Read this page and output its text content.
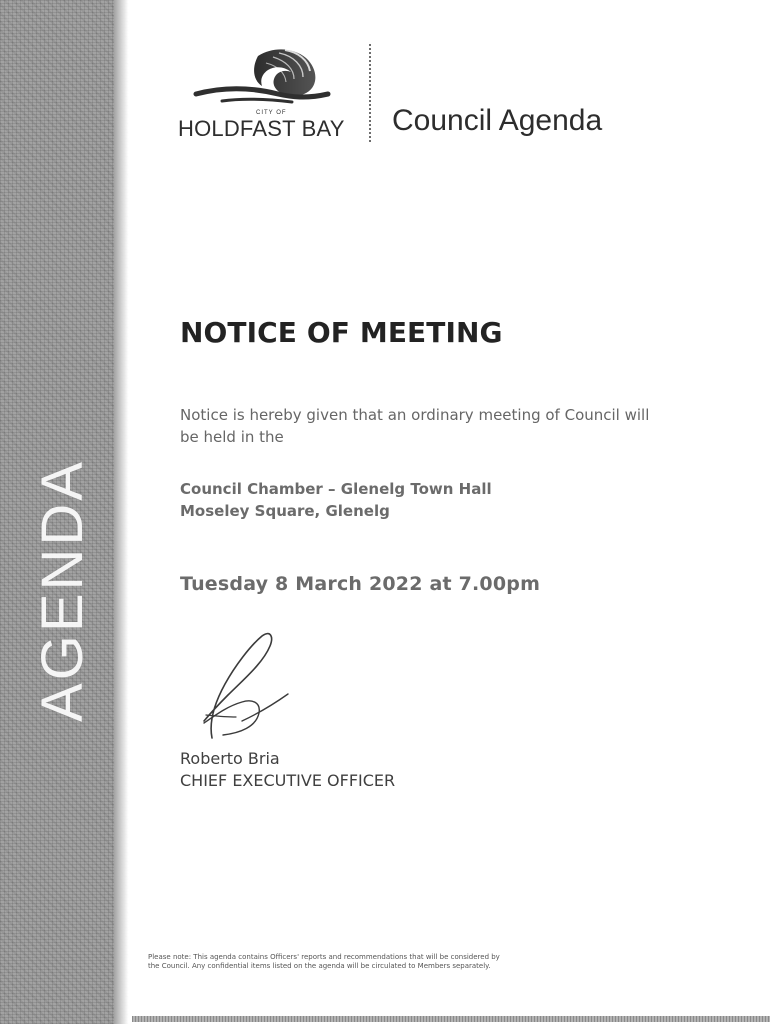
AGENDA
CITY OF
HOLDFAST BAY Council Agenda
NOTICE OF MEETING
Notice is hereby given that an ordinary meeting of Council will be held in the
Council Chamber – Glenelg Town Hall
Moseley Square, Glenelg
Tuesday 8 March 2022 at 7.00pm
Roberto Bria
CHIEF EXECUTIVE OFFICER
Please note: This agenda contains Officers' reports and recommendations that will be considered by the Council. Any confidential items listed on the agenda will be circulated to Members separately.
